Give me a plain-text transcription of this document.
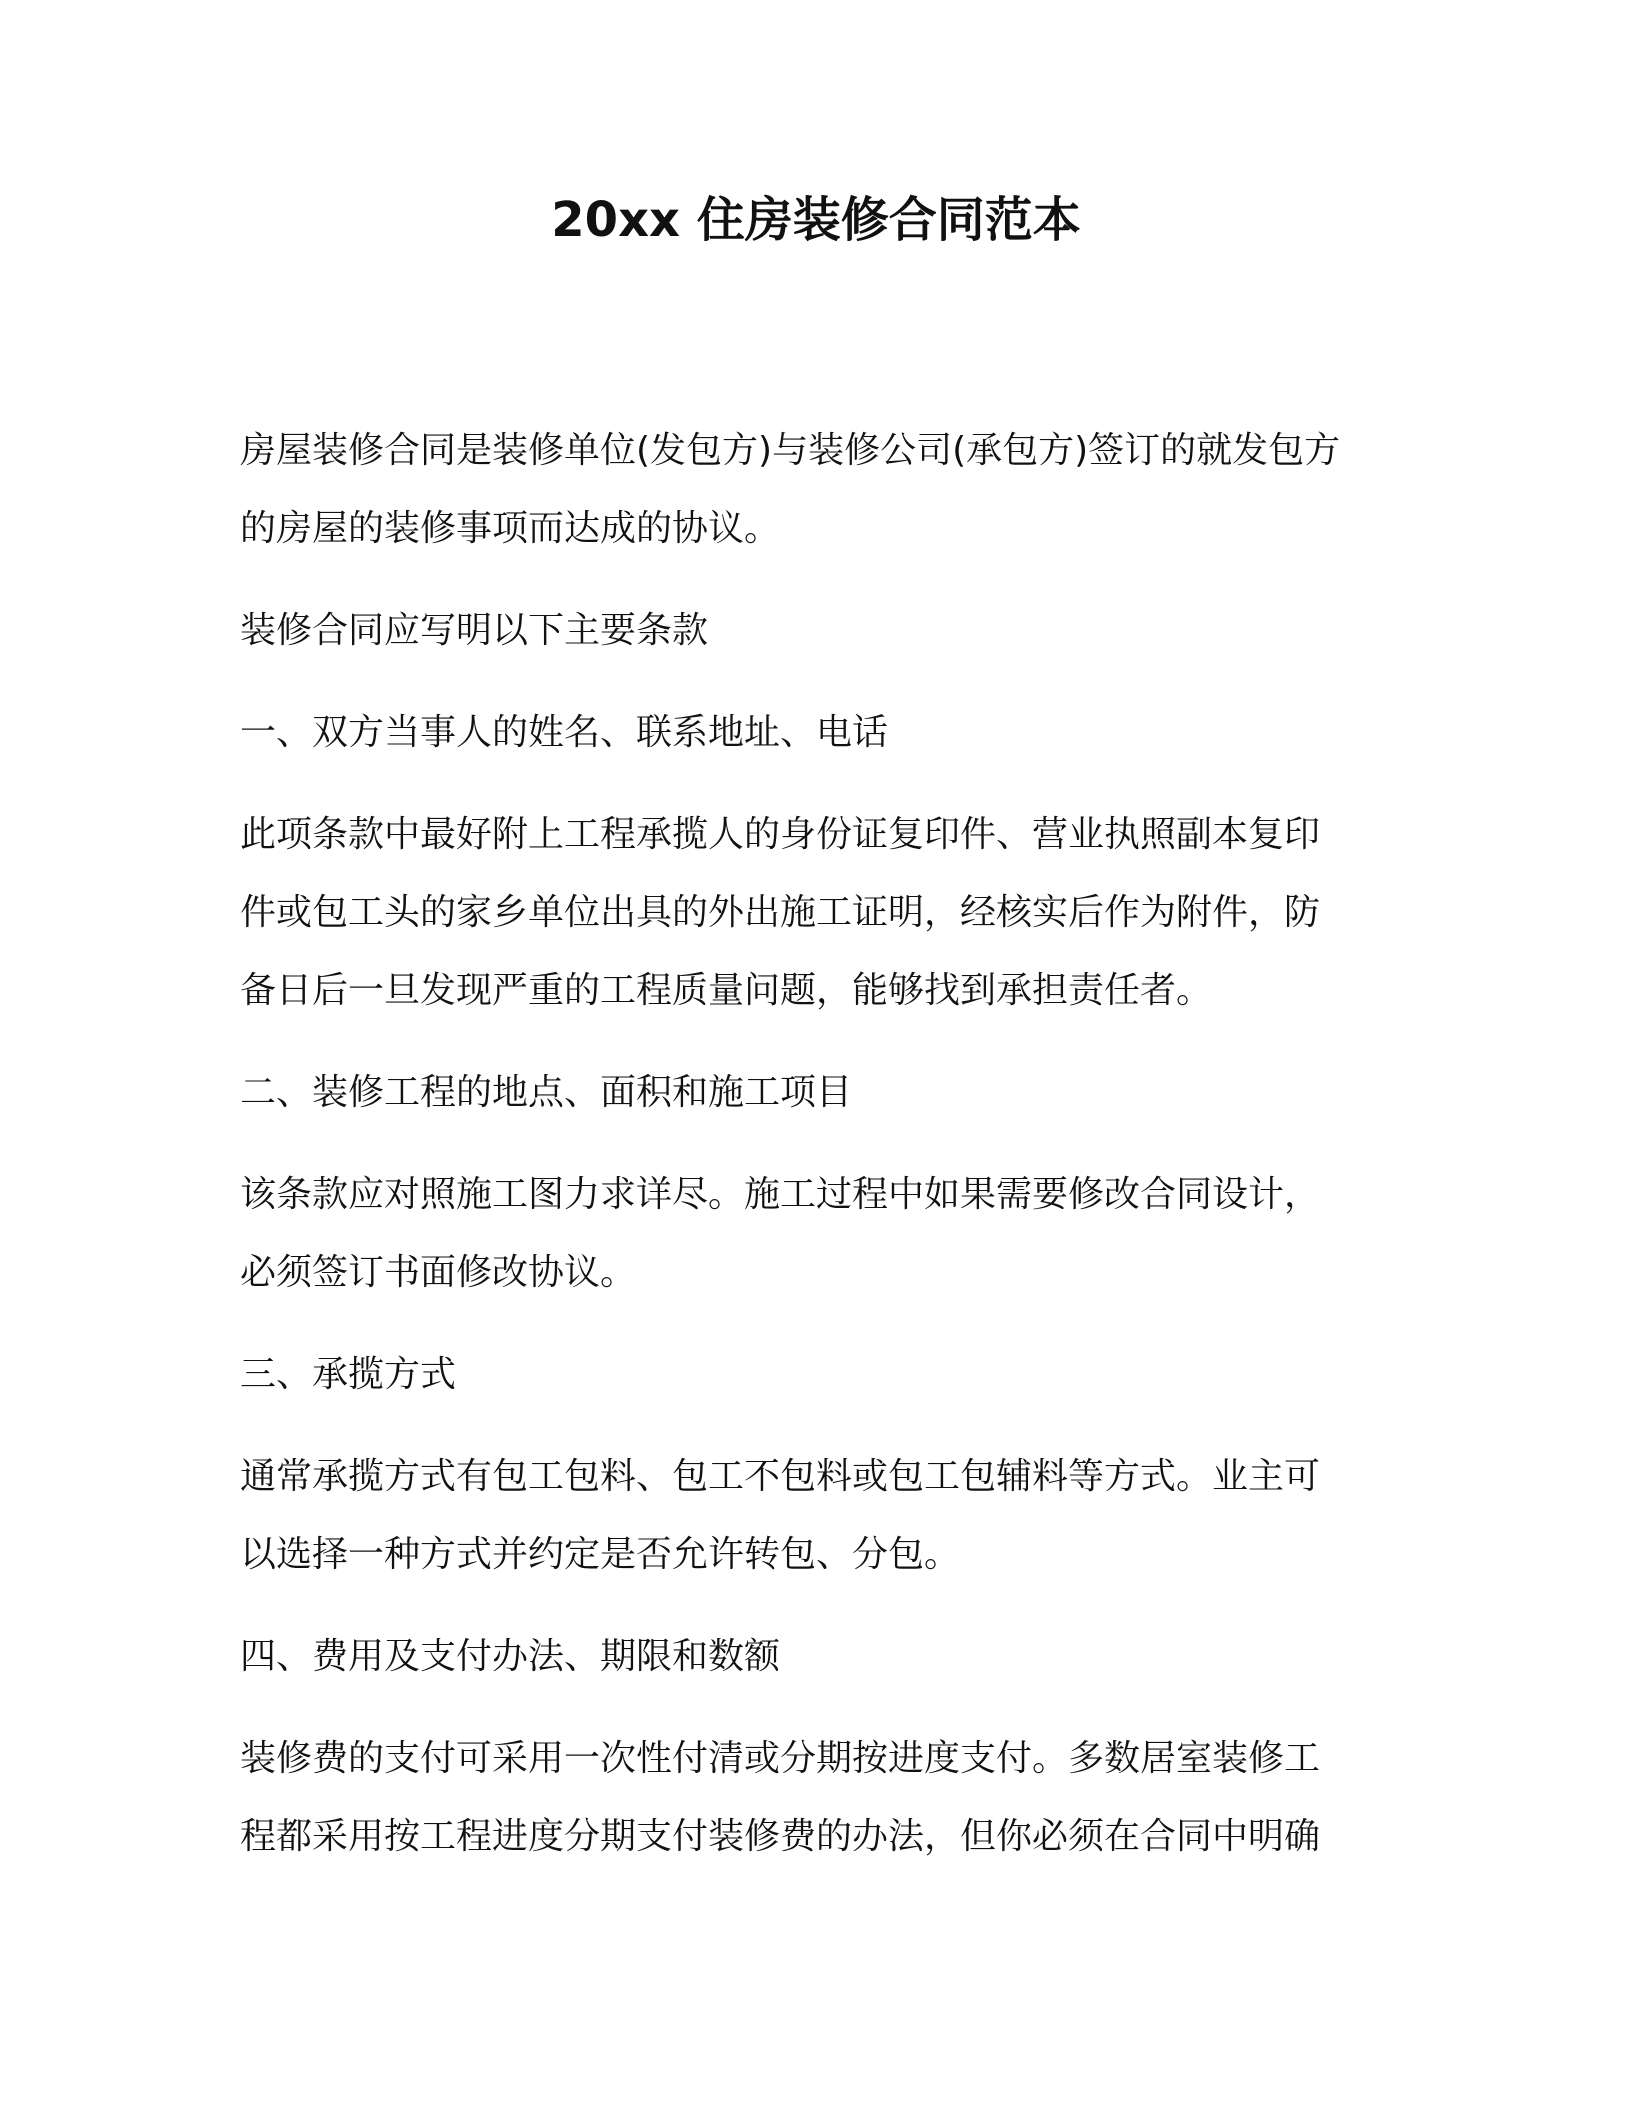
20xx 住房装修合同范本

房屋装修合同是装修单位(发包方)与装修公司(承包方)签订的就发包方
的房屋的装修事项而达成的协议。

装修合同应写明以下主要条款

一、双方当事人的姓名、联系地址、电话

此项条款中最好附上工程承揽人的身份证复印件、营业执照副本复印
件或包工头的家乡单位出具的外出施工证明，经核实后作为附件，防
备日后一旦发现严重的工程质量问题，能够找到承担责任者。

二、装修工程的地点、面积和施工项目

该条款应对照施工图力求详尽。施工过程中如果需要修改合同设计，
必须签订书面修改协议。

三、承揽方式

通常承揽方式有包工包料、包工不包料或包工包辅料等方式。业主可
以选择一种方式并约定是否允许转包、分包。

四、费用及支付办法、期限和数额

装修费的支付可采用一次性付清或分期按进度支付。多数居室装修工
程都采用按工程进度分期支付装修费的办法，但你必须在合同中明确
